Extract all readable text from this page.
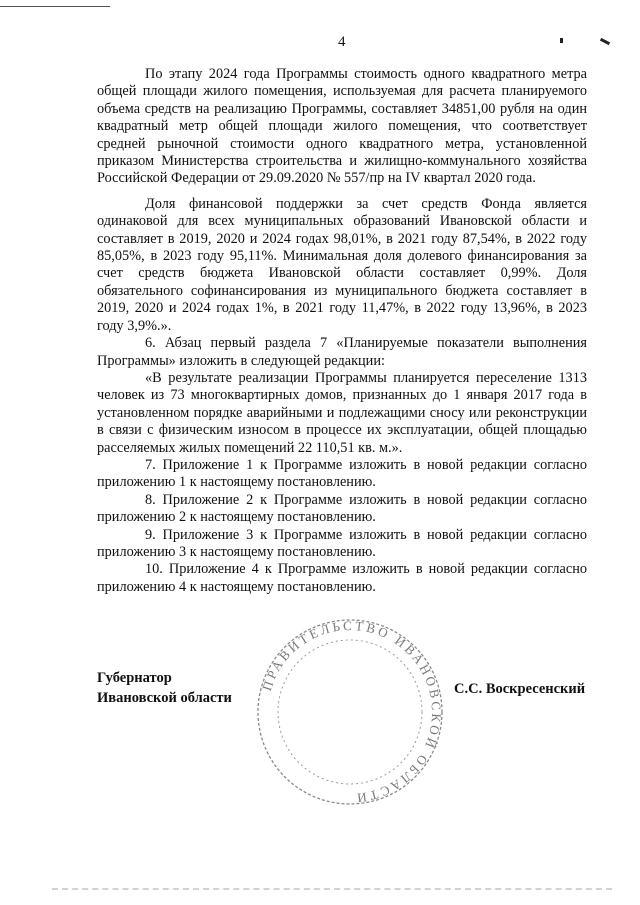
4

По этапу 2024 года Программы стоимость одного квадратного метра общей площади жилого помещения, используемая для расчета планируемого объема средств на реализацию Программы, составляет 34851,00 рубля на один квадратный метр общей площади жилого помещения, что соответствует средней рыночной стоимости одного квадратного метра, установленной приказом Министерства строительства и жилищно-коммунального хозяйства Российской Федерации от 29.09.2020 № 557/пр на IV квартал 2020 года.

Доля финансовой поддержки за счет средств Фонда является одинаковой для всех муниципальных образований Ивановской области и составляет в 2019, 2020 и 2024 годах 98,01%, в 2021 году 87,54%, в 2022 году 85,05%, в 2023 году 95,11%. Минимальная доля долевого финансирования за счет средств бюджета Ивановской области составляет 0,99%. Доля обязательного софинансирования из муниципального бюджета составляет в 2019, 2020 и 2024 годах 1%, в 2021 году 11,47%, в 2022 году 13,96%, в 2023 году 3,9%.».

6. Абзац первый раздела 7 «Планируемые показатели выполнения Программы» изложить в следующей редакции:

«В результате реализации Программы планируется переселение 1313 человек из 73 многоквартирных домов, признанных до 1 января 2017 года в установленном порядке аварийными и подлежащими сносу или реконструкции в связи с физическим износом в процессе их эксплуатации, общей площадью расселяемых жилых помещений 22 110,51 кв. м.».

7. Приложение 1 к Программе изложить в новой редакции согласно приложению 1 к настоящему постановлению.

8. Приложение 2 к Программе изложить в новой редакции согласно приложению 2 к настоящему постановлению.

9. Приложение 3 к Программе изложить в новой редакции согласно приложению 3 к настоящему постановлению.

10. Приложение 4 к Программе изложить в новой редакции согласно приложению 4 к настоящему постановлению.

ПРАВИТЕЛЬСТВО ИВАНОВСКОЙ ОБЛАСТИ
Губернатор
Ивановской области
С.С. Воскресенский
